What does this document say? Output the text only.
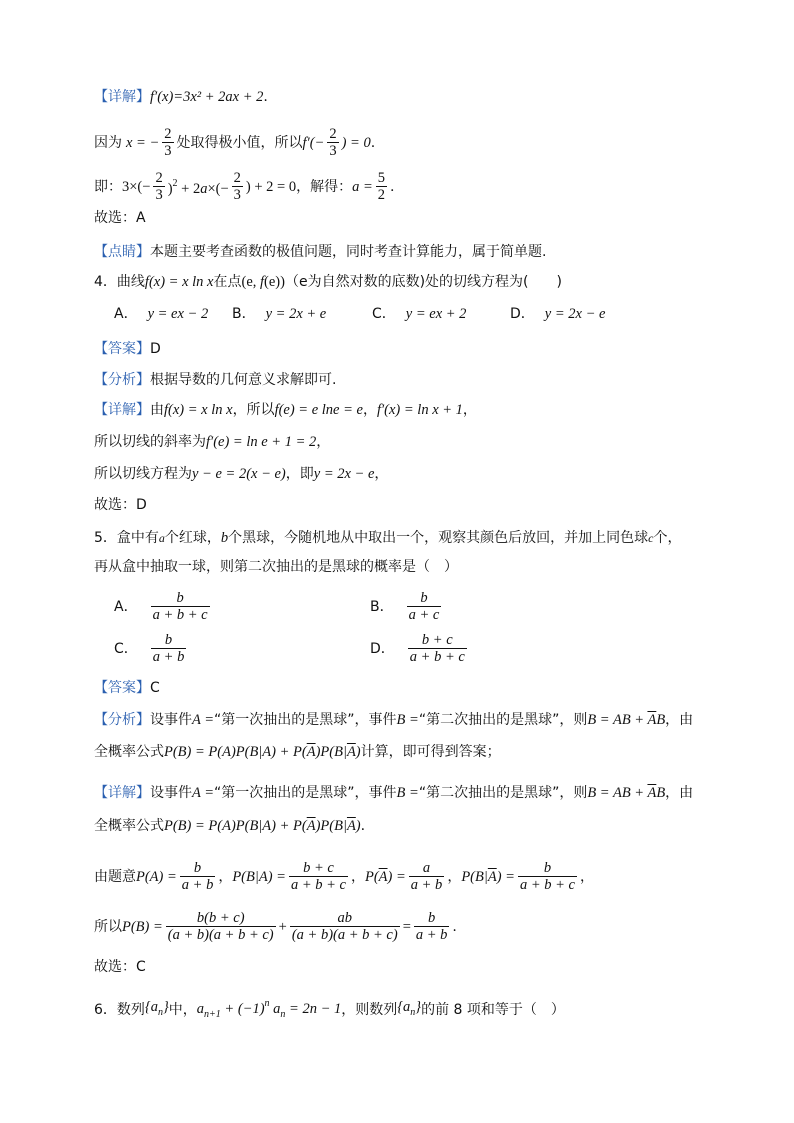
【详解】 f′(x)=3x² + 2ax + 2 .
因为 x = − $\frac{2}{3}$ 处取得极小值，所以 $f'(- \frac{2}{3}$ ) = 0 .
即： $3\times(- \frac{2}{3} )^2 + 2a\times(- \frac{2}{3}$ ) + 2 = 0 ，解得： $a = \frac{5}{2}$ .
故选：A
【点睛】 本题主要考查函数的极值问题，同时考查计算能力，属于简单题.
4．曲线 f(x) = x ln x 在点 (e, f(e)) （e为自然对数的底数)处的切线方程为(　　)
A． y = ex − 2 B． y = 2x + e	C． y = ex + 2	D． y = 2x − e
【答案】 D
【分析】 根据导数的几何意义求解即可.
【详解】 由 f(x) = x ln x ，所以 f(e) = e lne = e ， f′(x) = ln x + 1 ，
所以切线的斜率为 f′(e) = ln e + 1 = 2 ，
所以切线方程为 y − e = 2(x − e) ，即 y = 2x − e ，
故选：D
5．盒中有 a 个红球， b 个黑球，今随机地从中取出一个，观察其颜色后放回，并加上同色球 c 个，
再从盒中抽取一球，则第二次抽出的是黑球的概率是（　）
A． $\frac{b}{a + b + c}$	B． $\frac{b}{a + c}$
C． $\frac{b}{a + b}$	D． $\frac{b + c}{a + b + c}$
【答案】 C
【分析】 设事件 A = “第一次抽出的是黑球”，事件 B = “第二次抽出的是黑球”，则 B = AB + $\overline{A}B$ ，由
全概率公式 $P(B) = P(A)P(B|A) + P(\overline{A})P(B|\overline{A})$ 计算，即可得到答案；
【详解】 设事件 A = “第一次抽出的是黑球”，事件 B = “第二次抽出的是黑球”，则 B = AB + $\overline{A}B$ ，由
全概率公式 $P(B) = P(A)P(B|A) + P(\overline{A})P(B|\overline{A})$ .
由题意 $P(A) = \frac{b}{a + b}$ ， $P(B|A) = \frac{b + c}{a + b + c}$ ， $P(\overline{A}) = \frac{a}{a + b}$ ， $P(B|\overline{A}) = \frac{b}{a + b + c}$ ，
所以 $P(B) = \frac{b(b + c)}{(a + b)(a + b + c)} + \frac{ab}{(a + b)(a + b + c)} = \frac{b}{a + b}$ .
故选：C
6．数列 $\{a_n\}$ 中， $a_{n+1} + (-1)^n$ $a_n = 2n - 1$ ，则数列 $\{a_n\}$ 的前 8 项和等于（　）
